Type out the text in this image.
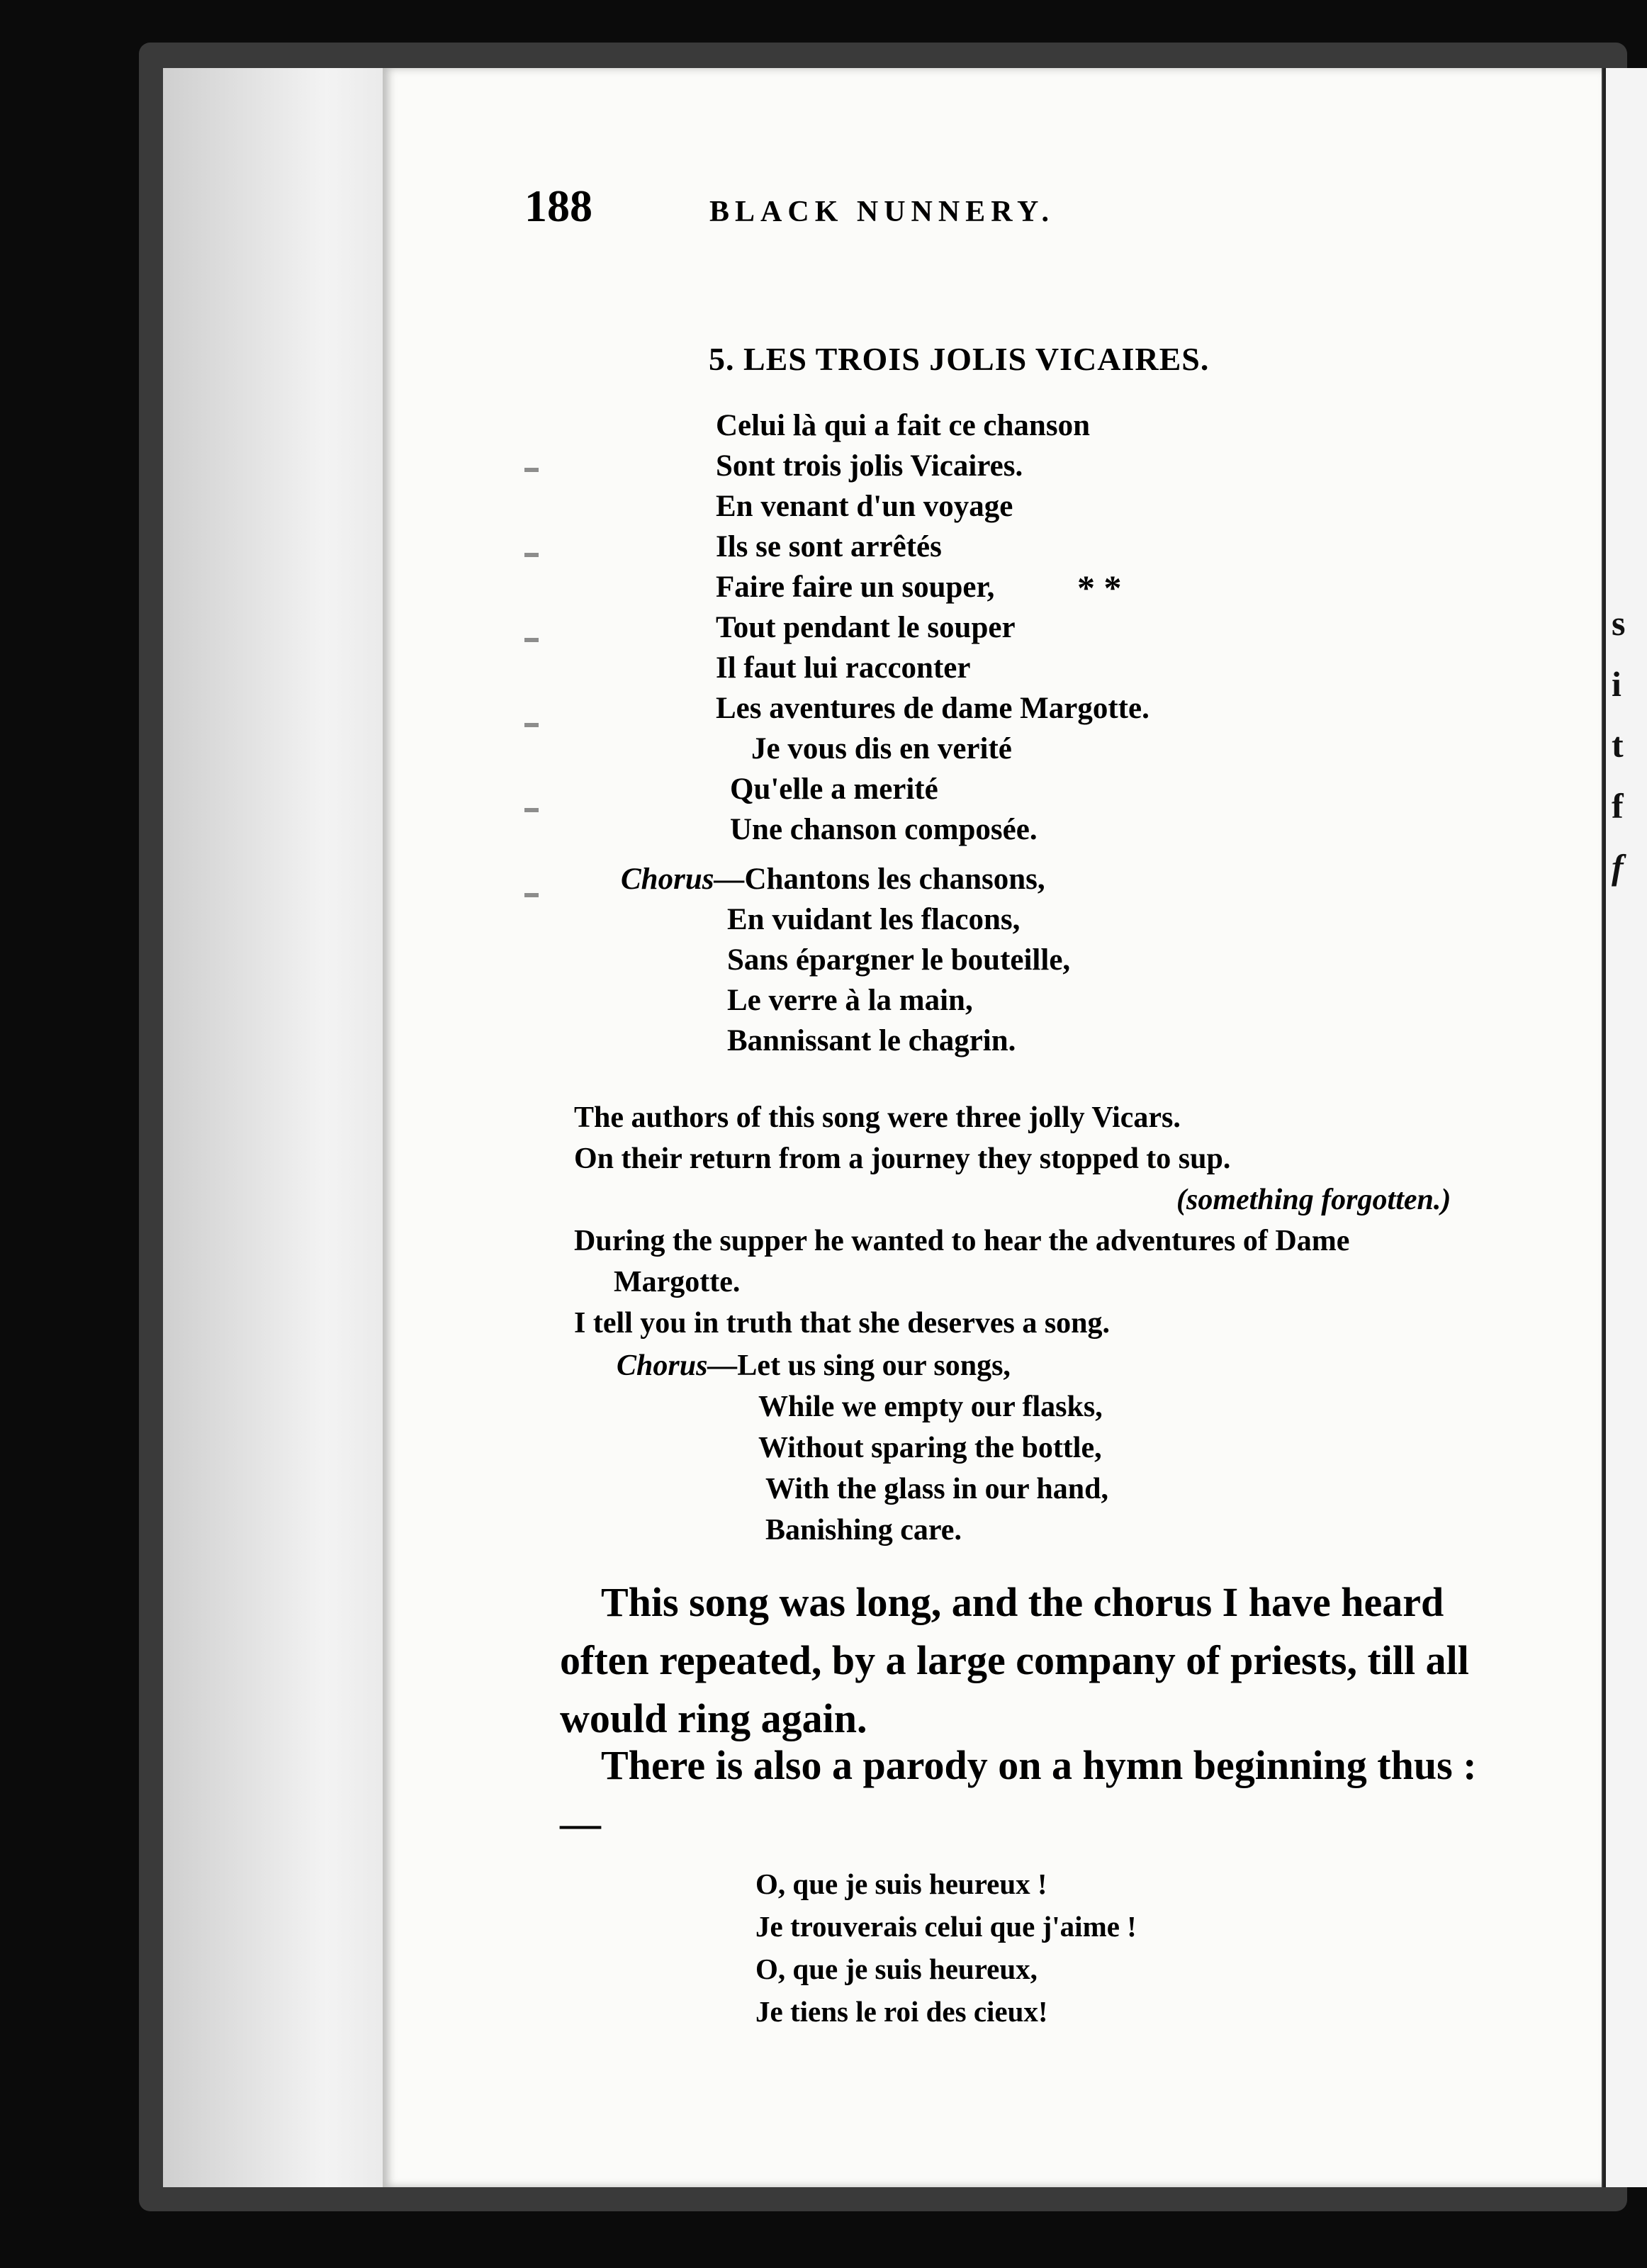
s
i
t
f
f
188	BLACK NUNNERY.
5. LES TROIS JOLIS VICAIRES.
Celui là qui a fait ce chanson
Sont trois jolis Vicaires.
En venant d'un voyage
Ils se sont arrêtés
Faire faire un souper,
Tout pendant le souper
Il faut lui racconter
Les aventures de dame Margotte.
Je vous dis en verité
Qu'elle a merité
Une chanson composée.
* *
Chorus—Chantons les chansons,
En vuidant les flacons,
Sans épargner le bouteille,
Le verre à la main,
Bannissant le chagrin.
The authors of this song were three jolly Vicars.
On their return from a journey they stopped to sup.
(something forgotten.)
During the supper he wanted to hear the adventures of Dame
Margotte.
I tell you in truth that she deserves a song.
Chorus—Let us sing our songs,
While we empty our flasks,
Without sparing the bottle,
With the glass in our hand,
Banishing care.
This song was long, and the chorus I have heard often repeated, by a large company of priests, till all would ring again.
There is also a parody on a hymn beginning thus :—
O, que je suis heureux !
Je trouverais celui que j'aime !
O, que je suis heureux,
Je tiens le roi des cieux!
